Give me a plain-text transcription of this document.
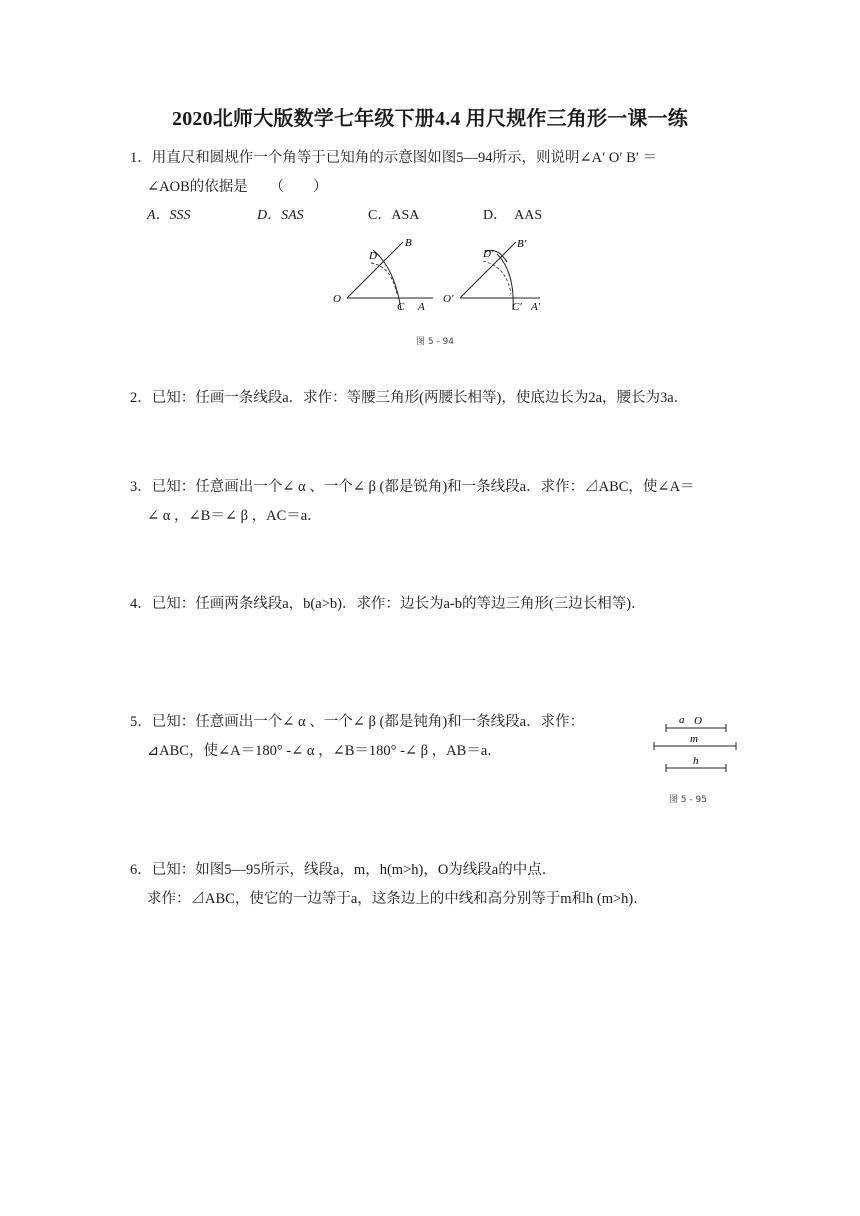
2020北师大版数学七年级下册4.4 用尺规作三角形一课一练
1．用直尺和圆规作一个角等于已知角的示意图如图5—94所示，则说明∠A′ O′ B′ ＝
∠AOB的依据是　　（　　）
A．SSS	D．SAS	C．ASA	D．　AAS
O
D
B
C A
O'
D'
B'
C' A'
图 5 - 94
2．已知：任画一条线段a．求作：等腰三角形(两腰长相等)，使底边长为2a，腰长为3a．
3．已知：任意画出一个∠ α 、一个∠ β (都是锐角)和一条线段a．求作：⊿ABC，使∠A＝
∠ α ，∠B＝∠ β ，AC＝a．
4．已知：任画两条线段a，b(a>b)．求作：边长为a-b的等边三角形(三边长相等)．
5．已知：任意画出一个∠ α 、一个∠ β (都是钝角)和一条线段a．求作：
⊿ABC，使∠A＝180° -∠ α ，∠B＝180° -∠ β ，AB＝a．
a O
m
h
图 5 - 95
6．已知：如图5—95所示，线段a，m，h(m>h)，O为线段a的中点．
求作：⊿ABC，使它的一边等于a，这条边上的中线和高分别等于m和h (m>h)．
